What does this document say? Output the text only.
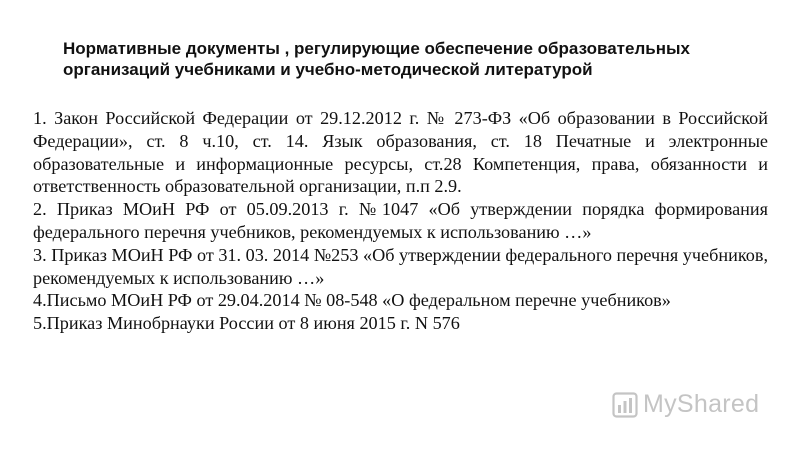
Нормативные документы , регулирующие обеспечение образовательных
организаций учебниками и учебно-методической литературой

1. Закон Российской Федерации от 29.12.2012 г. № 273-ФЗ «Об образовании в Российской Федерации», ст. 8 ч.10, ст. 14. Язык образования, ст. 18 Печатные и электронные образовательные и информационные ресурсы, ст.28 Компетенция, права, обязанности и ответственность образовательной организации, п.п 2.9.

2. Приказ МОиН РФ от 05.09.2013 г. №1047 «Об утверждении порядка формирования федерального перечня учебников, рекомендуемых к использованию …»

3. Приказ МОиН РФ от 31. 03. 2014 №253 «Об утверждении федерального перечня учебников, рекомендуемых к использованию …»

4.Письмо МОиН РФ от 29.04.2014 № 08-548 «О федеральном перечне учебников»

5.Приказ Минобрнауки России от 8 июня 2015 г. N 576

MyShared
